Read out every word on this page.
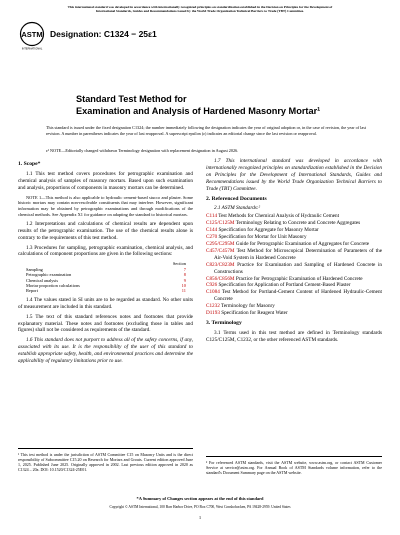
This international standard was developed in accordance with internationally recognized principles on standardization established in the Decision on Principles for the Development of International Standards, Guides and Recommendations issued by the World Trade Organization Technical Barriers to Trade (TBT) Committee.
ASTM
INTERNATIONAL
Designation: C1324 − 25ε1
Standard Test Method for
Examination and Analysis of Hardened Masonry Mortar¹
This standard is issued under the fixed designation C1324; the number immediately following the designation indicates the year of original adoption or, in the case of revision, the year of last revision. A number in parentheses indicates the year of last reapproval. A superscript epsilon (ε) indicates an editorial change since the last revision or reapproval.
ε¹ NOTE—Editorially changed withdrawn Terminology designation with replacement designation in August 2026.
1. Scope*
1.1 This test method covers procedures for petrographic examination and chemical analysis of samples of masonry mortars. Based upon such examination and analysis, proportions of components in masonry mortars can be determined.
NOTE 1—This method is also applicable to hydraulic cement-based stucco and plaster. Some historic mortars may contain non-resolvable constituents that may interfere. However, significant information may be obtained by petrographic examinations and through modifications of the chemical methods. See Appendix X1 for guidance on adapting the standard to historical mortars.
1.2 Interpretations and calculations of chemical results are dependent upon results of the petrographic examination. The use of the chemical results alone is contrary to the requirements of this test method.
1.3 Procedures for sampling, petrographic examination, chemical analysis, and calculations of component proportions are given in the following sections:
	Section
Sampling	7
Petrographic examination	8
Chemical analysis	9
Mortar proportion calculations	10
Report	11
1.4 The values stated in SI units are to be regarded as standard. No other units of measurement are included in this standard.
1.5 The text of this standard references notes and footnotes that provide explanatory material. These notes and footnotes (excluding those in tables and figures) shall not be considered as requirements of the standard.
1.6 This standard does not purport to address all of the safety concerns, if any, associated with its use. It is the responsibility of the user of this standard to establish appropriate safety, health, and environmental practices and determine the applicability of regulatory limitations prior to use.
1.7 This international standard was developed in accordance with internationally recognized principles on standardization established in the Decision on Principles for the Development of International Standards, Guides and Recommendations issued by the World Trade Organization Technical Barriers to Trade (TBT) Committee.
2. Referenced Documents
2.1 ASTM Standards:²
C114 Test Methods for Chemical Analysis of Hydraulic Cement
C125/C125M Terminology Relating to Concrete and Concrete Aggregates
C144 Specification for Aggregate for Masonry Mortar
C270 Specification for Mortar for Unit Masonry
C295/C295M Guide for Petrographic Examination of Aggregates for Concrete
C457/C457M Test Method for Microscopical Determination of Parameters of the Air-Void System in Hardened Concrete
C823/C823M Practice for Examination and Sampling of Hardened Concrete in Constructions
C856/C856M Practice for Petrographic Examination of Hardened Concrete
C926 Specification for Application of Portland Cement-Based Plaster
C1084 Test Method for Portland-Cement Content of Hardened Hydraulic-Cement Concrete
C1232 Terminology for Masonry
D1193 Specification for Reagent Water
3. Terminology
3.1 Terms used in this test method are defined in Terminology standards C125/C125M, C1232, or the other referenced ASTM standards.
¹ This test method is under the jurisdiction of ASTM Committee C15 on Masonry Units and is the direct responsibility of Subcommittee C15.20 on Research for Mortars and Grouts. Current edition approved June 1, 2025. Published June 2025. Originally approved in 2002. Last previous edition approved in 2020 as C1324 – 20a. DOI: 10.1520/C1324-25E01.
² For referenced ASTM standards, visit the ASTM website, www.astm.org, or contact ASTM Customer Service at service@astm.org. For Annual Book of ASTM Standards volume information, refer to the standard's Document Summary page on the ASTM website.
*A Summary of Changes section appears at the end of this standard
Copyright © ASTM International, 100 Barr Harbor Drive, PO Box C700, West Conshohocken, PA 19428-2959. United States
1
